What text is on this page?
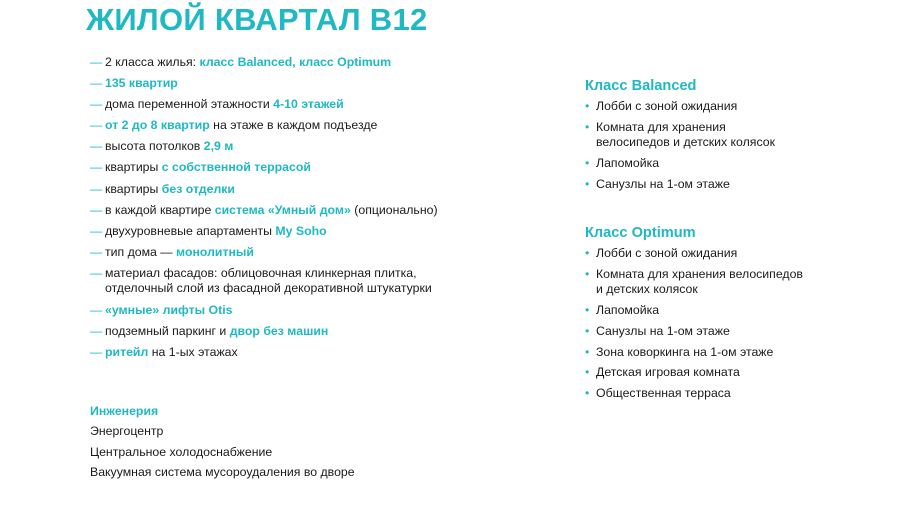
ЖИЛОЙ КВАРТАЛ В12
— 2 класса жилья: класс Balanced, класс Optimum
— 135 квартир
— дома переменной этажности 4-10 этажей
— от 2 до 8 квартир на этаже в каждом подъезде
— высота потолков 2,9 м
— квартиры с собственной террасой
— квартиры без отделки
— в каждой квартире система «Умный дом» (опционально)
— двухуровневые апартаменты My Soho
— тип дома — монолитный
— материал фасадов: облицовочная клинкерная плитка,
отделочный слой из фасадной декоративной штукатурки
— «умные» лифты Otis
— подземный паркинг и двор без машин
— ритейл на 1-ых этажах
Инженерия
Энергоцентр
Центральное холодоснабжение
Вакуумная система мусороудаления во дворе
Класс Balanced
• Лобби с зоной ожидания
• Комната для хранения
велосипедов и детских колясок
• Лапомойка
• Санузлы на 1-ом этаже
Класс Optimum
• Лобби с зоной ожидания
• Комната для хранения велосипедов
и детских колясок
• Лапомойка
• Санузлы на 1-ом этаже
• Зона коворкинга на 1-ом этаже
• Детская игровая комната
• Общественная терраса
